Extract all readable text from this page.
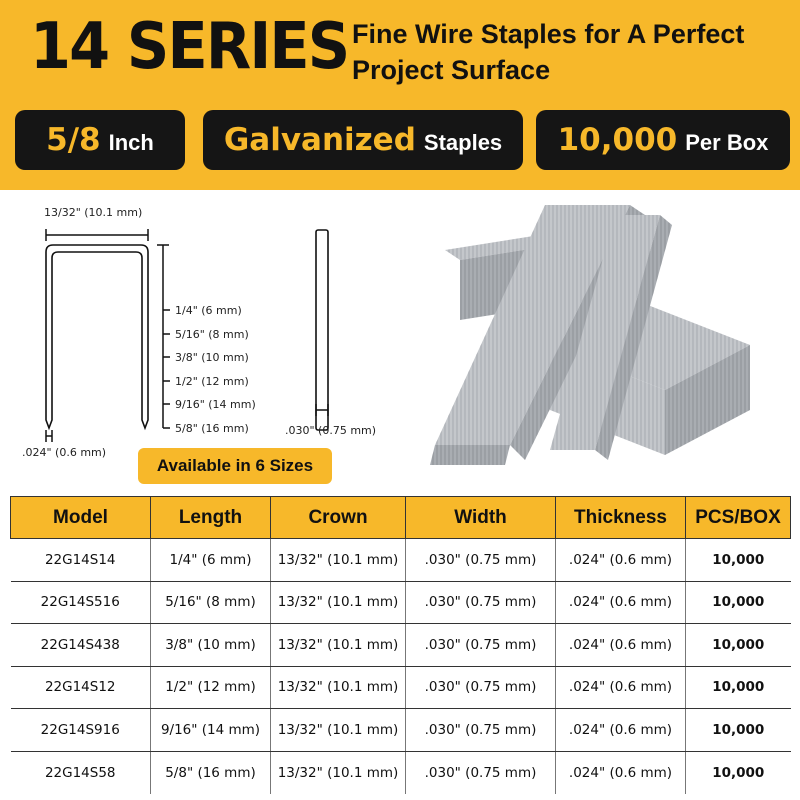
14 SERIES Fine Wire Staples for A Perfect
Project Surface
5/8 Inch Galvanized Staples 10,000 Per Box
13/32" (10.1 mm)
.024" (0.6 mm)
.030" (0.75 mm)
1/4" (6 mm)
5/16" (8 mm)
3/8" (10 mm)
1/2" (12 mm)
9/16" (14 mm)
5/8" (16 mm)
Available in 6 Sizes
Model	Length	Crown	Width	Thickness	PCS/BOX
22G14S14	1/4" (6 mm)	13/32" (10.1 mm)	.030" (0.75 mm)	.024" (0.6 mm)	10,000
22G14S516	5/16" (8 mm)	13/32" (10.1 mm)	.030" (0.75 mm)	.024" (0.6 mm)	10,000
22G14S438	3/8" (10 mm)	13/32" (10.1 mm)	.030" (0.75 mm)	.024" (0.6 mm)	10,000
22G14S12	1/2" (12 mm)	13/32" (10.1 mm)	.030" (0.75 mm)	.024" (0.6 mm)	10,000
22G14S916	9/16" (14 mm)	13/32" (10.1 mm)	.030" (0.75 mm)	.024" (0.6 mm)	10,000
22G14S58	5/8" (16 mm)	13/32" (10.1 mm)	.030" (0.75 mm)	.024" (0.6 mm)	10,000
